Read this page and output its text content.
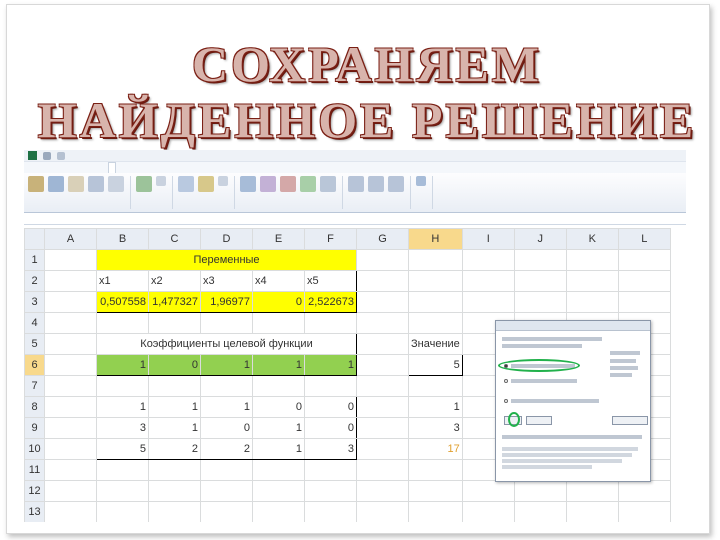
СОХРАНЯЕМ
НАЙДЕННОЕ РЕШЕНИЕ
	A	B	C	D	E	F	G	H	I	J	K	L
1		Переменные										
2		x1	x2	x3	x4	x5						
3		0,507558	1,477327	1,96977	0	2,522673						
4												
5		Коэффициенты целевой функции						Значение				
6		1	0	1	1	1		5				
7												
8		1	1	1	0	0		1				
9		3	1	0	1	0		3				
10		5	2	2	1	3		17				
11												
12												
13												
